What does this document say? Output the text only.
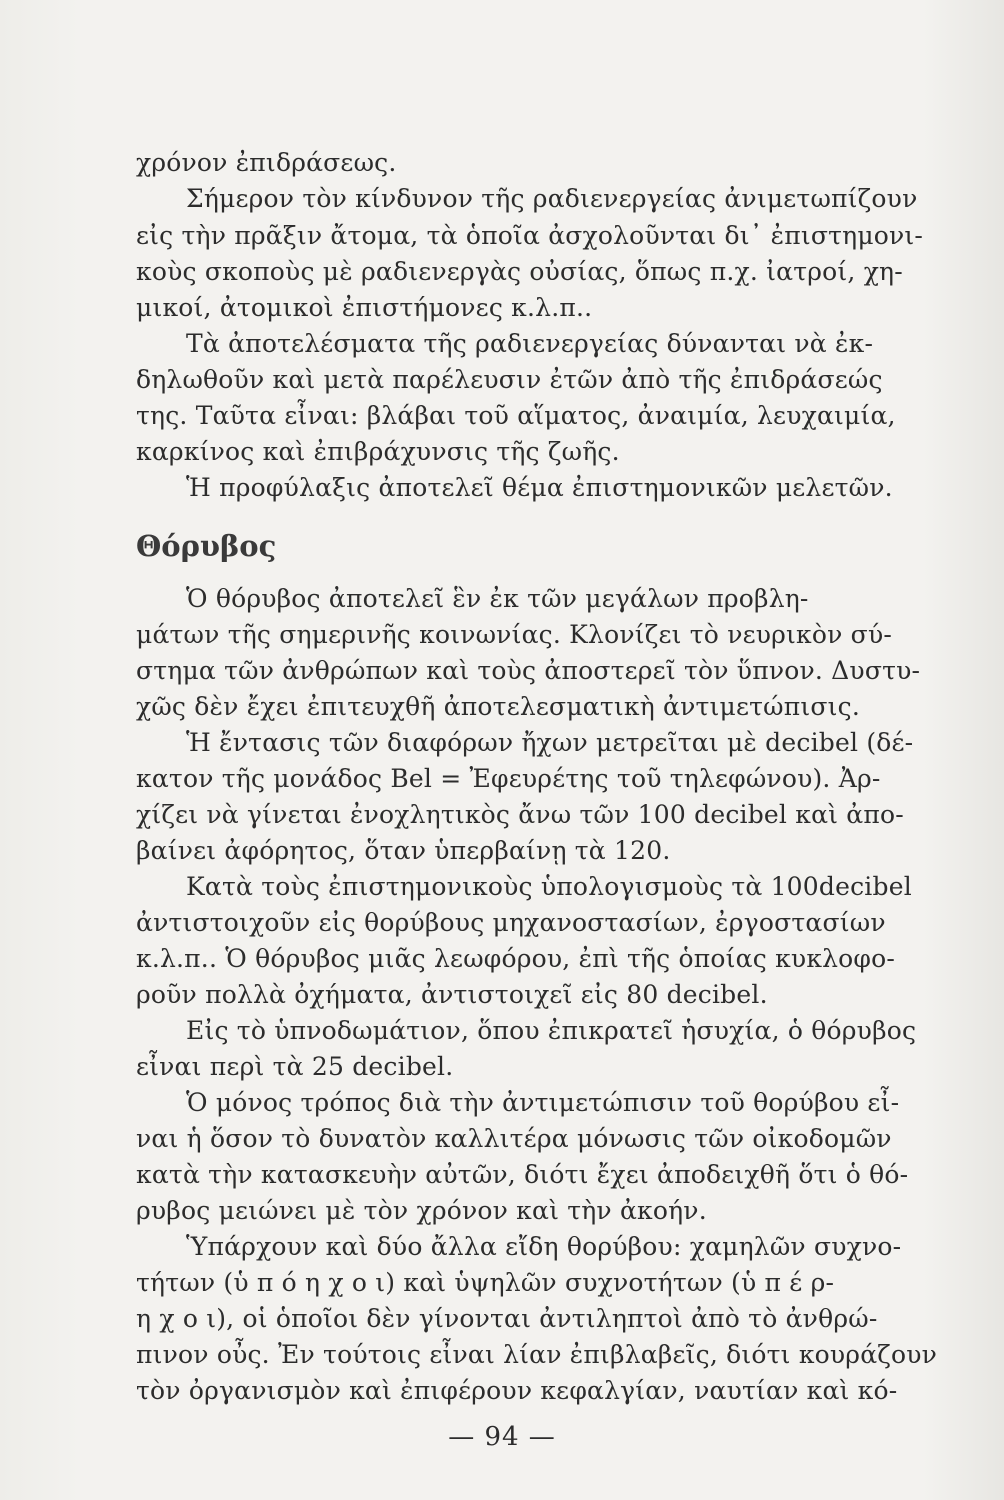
χρόνον ἐπιδράσεως.
Σήμερον τὸν κίνδυνον τῆς ραδιενεργείας ἀνιμετωπίζουν
εἰς τὴν πρᾶξιν ἄτομα, τὰ ὁποῖα ἀσχολοῦνται δι᾽ ἐπιστημονι-
κοὺς σκοποὺς μὲ ραδιενεργὰς οὐσίας, ὅπως π.χ. ἰατροί, χη-
μικοί, ἀτομικοὶ ἐπιστήμονες κ.λ.π..
Τὰ ἀποτελέσματα τῆς ραδιενεργείας δύνανται νὰ ἐκ-
δηλωθοῦν καὶ μετὰ παρέλευσιν ἐτῶν ἀπὸ τῆς ἐπιδράσεώς
της. Ταῦτα εἶναι: βλάβαι τοῦ αἵματος, ἀναιμία, λευχαιμία,
καρκίνος καὶ ἐπιβράχυνσις τῆς ζωῆς.
Ἡ προφύλαξις ἀποτελεῖ θέμα ἐπιστημονικῶν μελετῶν.
Θόρυβος
Ὁ θόρυβος ἀποτελεῖ ἓν ἐκ τῶν μεγάλων προβλη-
μάτων τῆς σημερινῆς κοινωνίας. Κλονίζει τὸ νευρικὸν σύ-
στημα τῶν ἀνθρώπων καὶ τοὺς ἀποστερεῖ τὸν ὕπνον. Δυστυ-
χῶς δὲν ἔχει ἐπιτευχθῆ ἀποτελεσματικὴ ἀντιμετώπισις.
Ἡ ἔντασις τῶν διαφόρων ἤχων μετρεῖται μὲ decibel (δέ-
κατον τῆς μονάδος Bel = Ἐφευρέτης τοῦ τηλεφώνου). Ἀρ-
χίζει νὰ γίνεται ἐνοχλητικὸς ἄνω τῶν 100 decibel καὶ ἀπο-
βαίνει ἀφόρητος, ὅταν ὑπερβαίνῃ τὰ 120.
Κατὰ τοὺς ἐπιστημονικοὺς ὑπολογισμοὺς τὰ 100decibel
ἀντιστοιχοῦν εἰς θορύβους μηχανοστασίων, ἐργοστασίων
κ.λ.π.. Ὁ θόρυβος μιᾶς λεωφόρου, ἐπὶ τῆς ὁποίας κυκλοφο-
ροῦν πολλὰ ὀχήματα, ἀντιστοιχεῖ εἰς 80 decibel.
Εἰς τὸ ὑπνοδωμάτιον, ὅπου ἐπικρατεῖ ἡσυχία, ὁ θόρυβος
εἶναι περὶ τὰ 25 decibel.
Ὁ μόνος τρόπος διὰ τὴν ἀντιμετώπισιν τοῦ θορύβου εἶ-
ναι ἡ ὅσον τὸ δυνατὸν καλλιτέρα μόνωσις τῶν οἰκοδομῶν
κατὰ τὴν κατασκευὴν αὐτῶν, διότι ἔχει ἀποδειχθῆ ὅτι ὁ θό-
ρυβος μειώνει μὲ τὸν χρόνον καὶ τὴν ἀκοήν.
Ὑπάρχουν καὶ δύο ἄλλα εἴδη θορύβου: χαμηλῶν συχνο-
τήτων (ὑ π ό η χ ο ι) καὶ ὑψηλῶν συχνοτήτων (ὑ π έ ρ-
η χ ο ι), οἱ ὁποῖοι δὲν γίνονται ἀντιληπτοὶ ἀπὸ τὸ ἀνθρώ-
πινον οὖς. Ἐν τούτοις εἶναι λίαν ἐπιβλαβεῖς, διότι κουράζουν
τὸν ὀργανισμὸν καὶ ἐπιφέρουν κεφαλγίαν, ναυτίαν καὶ κό-
— 94 —
